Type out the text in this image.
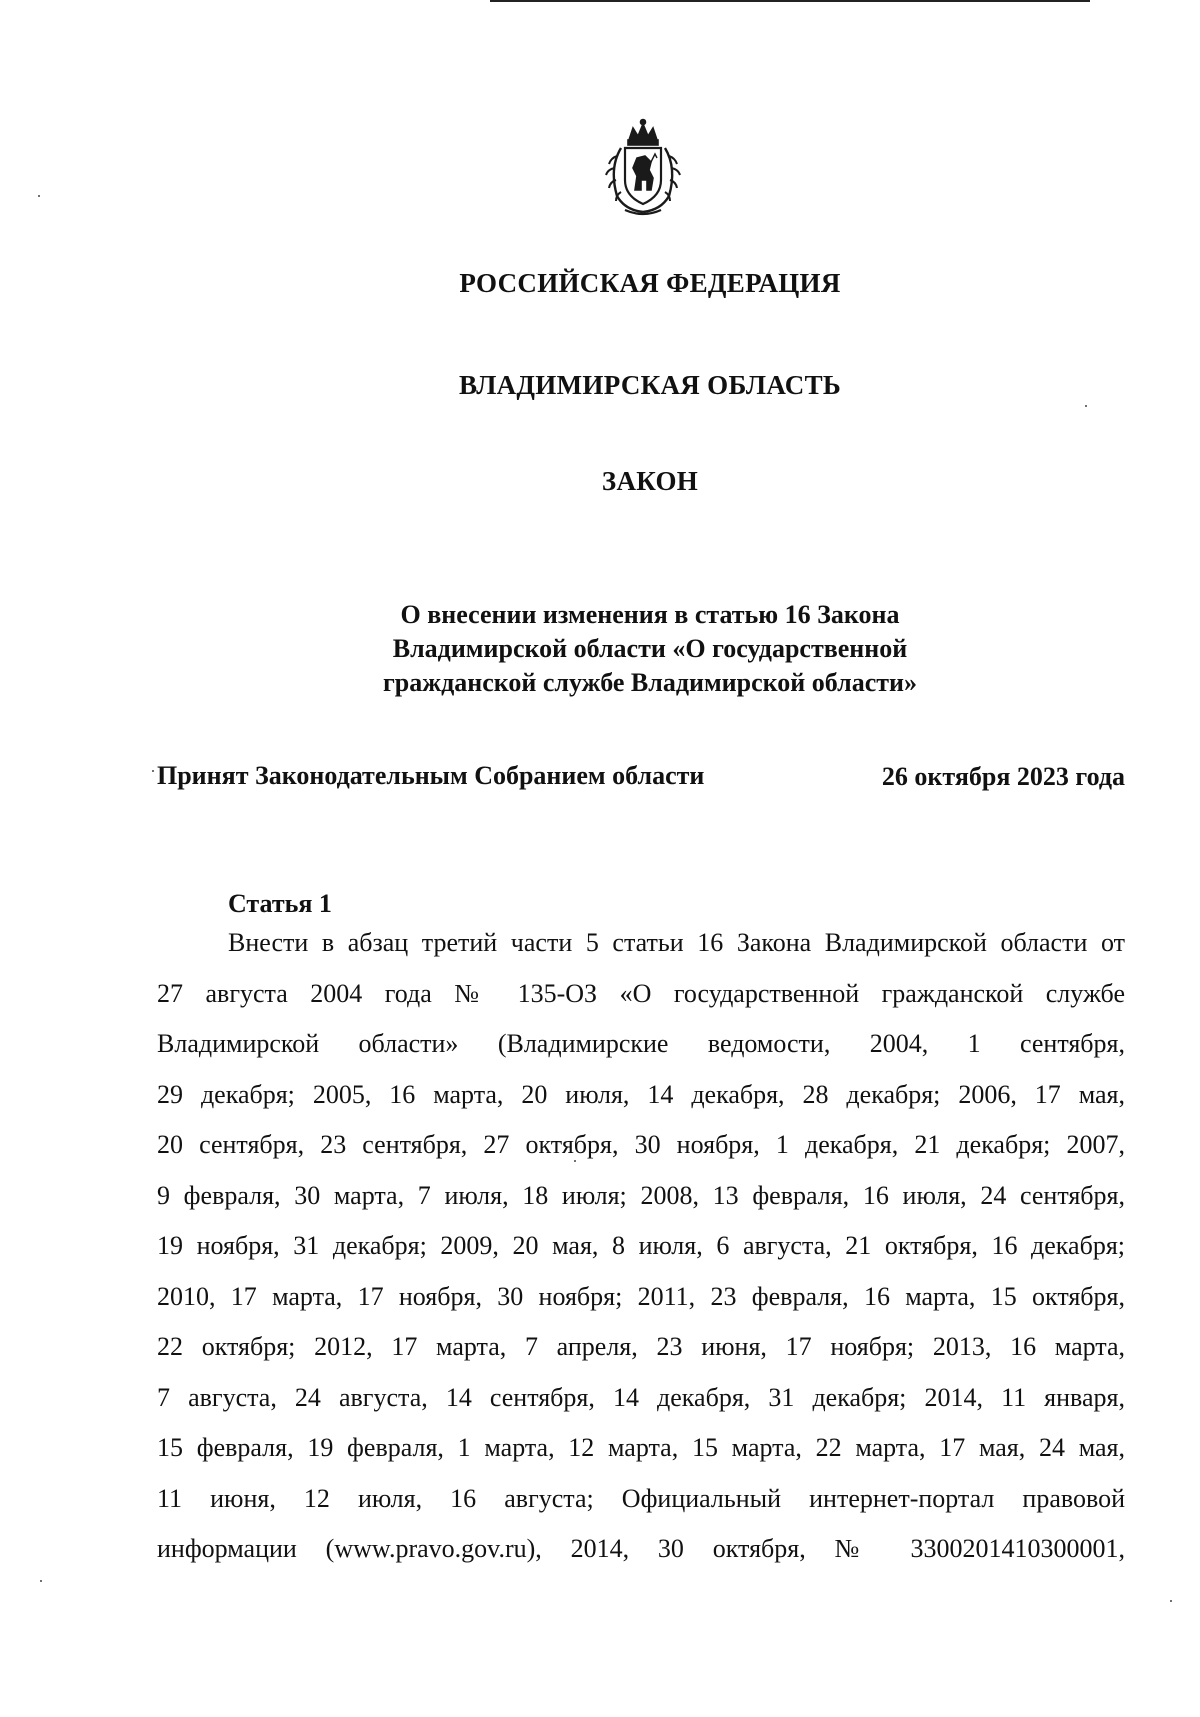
РОССИЙСКАЯ ФЕДЕРАЦИЯ
ВЛАДИМИРСКАЯ ОБЛАСТЬ
ЗАКОН
О внесении изменения в статью 16 Закона
Владимирской области «О государственной
гражданской службе Владимирской области»
Принят Законодательным Собранием области	26 октября 2023 года
Статья 1
Внести в абзац третий части 5 статьи 16 Закона Владимирской области от
27 августа 2004 года № 135-ОЗ «О государственной гражданской службе
Владимирской области» (Владимирские ведомости, 2004, 1 сентября,
29 декабря; 2005, 16 марта, 20 июля, 14 декабря, 28 декабря; 2006, 17 мая,
20 сентября, 23 сентября, 27 октября, 30 ноября, 1 декабря, 21 декабря; 2007,
9 февраля, 30 марта, 7 июля, 18 июля; 2008, 13 февраля, 16 июля, 24 сентября,
19 ноября, 31 декабря; 2009, 20 мая, 8 июля, 6 августа, 21 октября, 16 декабря;
2010, 17 марта, 17 ноября, 30 ноября; 2011, 23 февраля, 16 марта, 15 октября,
22 октября; 2012, 17 марта, 7 апреля, 23 июня, 17 ноября; 2013, 16 марта,
7 августа, 24 августа, 14 сентября, 14 декабря, 31 декабря; 2014, 11 января,
15 февраля, 19 февраля, 1 марта, 12 марта, 15 марта, 22 марта, 17 мая, 24 мая,
11 июня, 12 июля, 16 августа; Официальный интернет-портал правовой
информации (www.pravo.gov.ru), 2014, 30 октября, № 3300201410300001,
